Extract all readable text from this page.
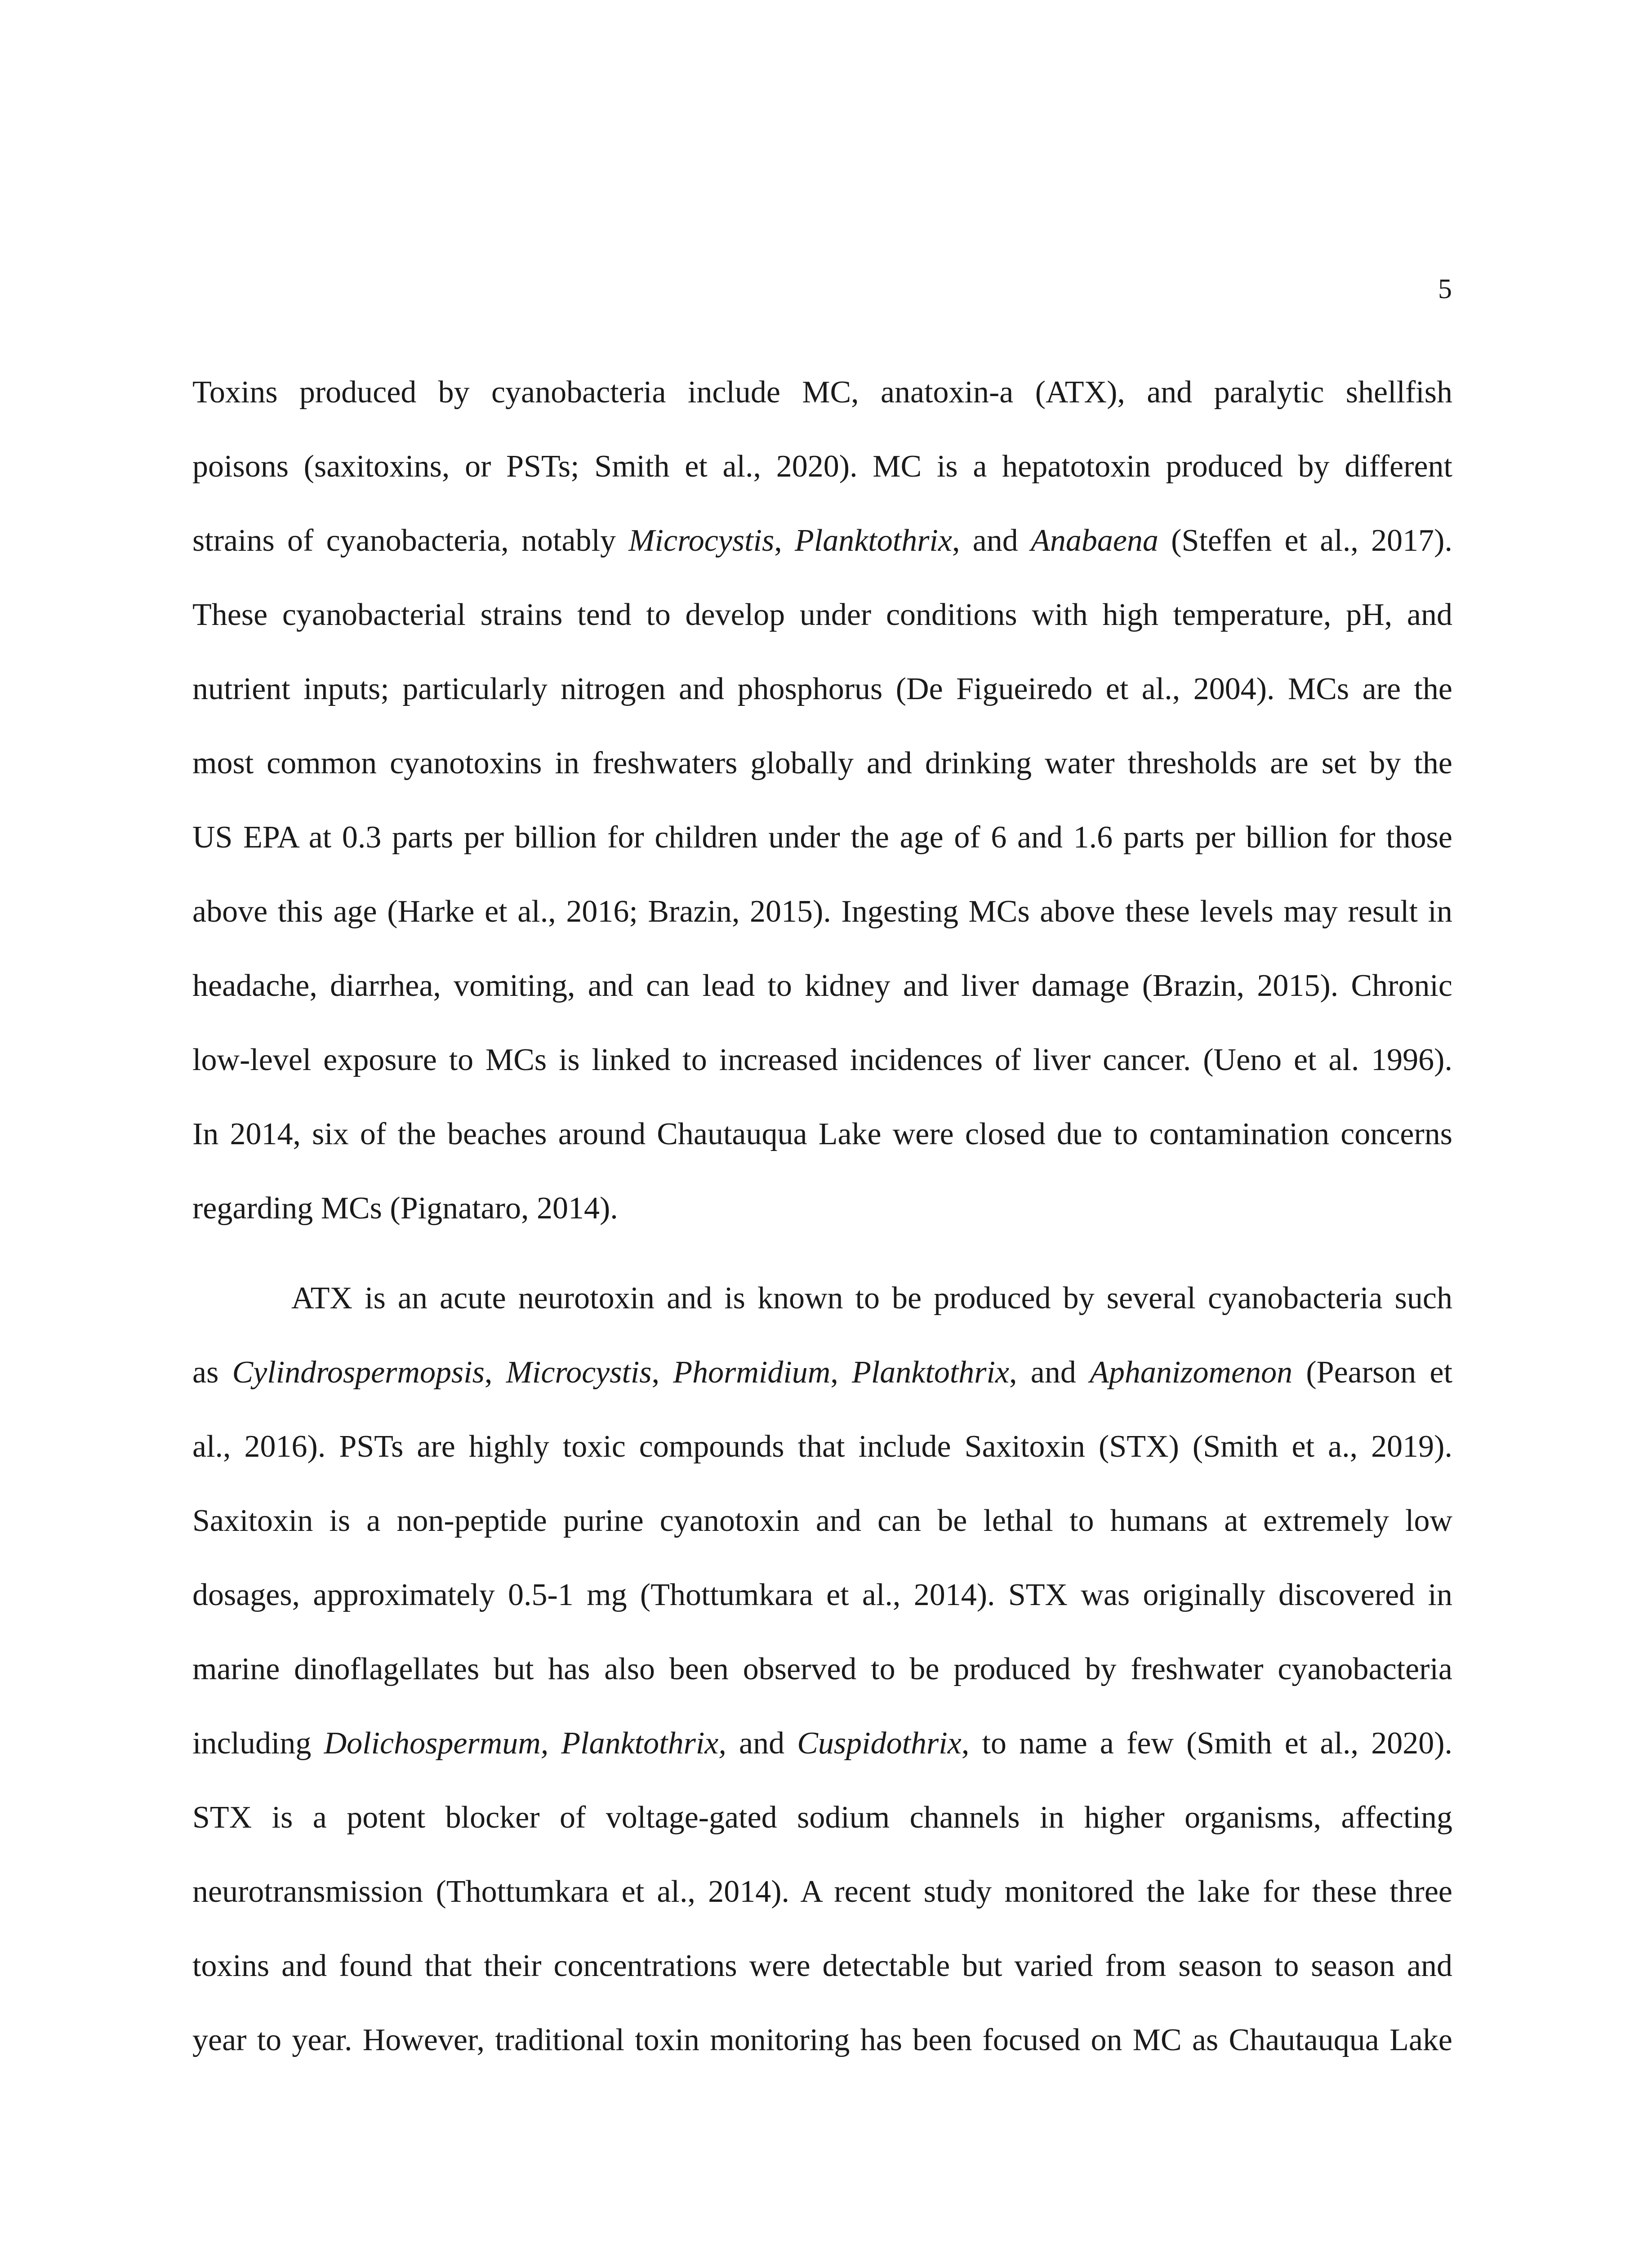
5
Toxins produced by cyanobacteria include MC, anatoxin-a (ATX), and paralytic shellfish
poisons (saxitoxins, or PSTs; Smith et al., 2020). MC is a hepatotoxin produced by different
strains of cyanobacteria, notably Microcystis, Planktothrix, and Anabaena (Steffen et al., 2017).
These cyanobacterial strains tend to develop under conditions with high temperature, pH, and
nutrient inputs; particularly nitrogen and phosphorus (De Figueiredo et al., 2004). MCs are the
most common cyanotoxins in freshwaters globally and drinking water thresholds are set by the
US EPA at 0.3 parts per billion for children under the age of 6 and 1.6 parts per billion for those
above this age (Harke et al., 2016; Brazin, 2015). Ingesting MCs above these levels may result in
headache, diarrhea, vomiting, and can lead to kidney and liver damage (Brazin, 2015). Chronic
low-level exposure to MCs is linked to increased incidences of liver cancer. (Ueno et al. 1996).
In 2014, six of the beaches around Chautauqua Lake were closed due to contamination concerns
regarding MCs (Pignataro, 2014).
ATX is an acute neurotoxin and is known to be produced by several cyanobacteria such
as Cylindrospermopsis, Microcystis, Phormidium, Planktothrix, and Aphanizomenon (Pearson et
al., 2016). PSTs are highly toxic compounds that include Saxitoxin (STX) (Smith et a., 2019).
Saxitoxin is a non-peptide purine cyanotoxin and can be lethal to humans at extremely low
dosages, approximately 0.5-1 mg (Thottumkara et al., 2014). STX was originally discovered in
marine dinoflagellates but has also been observed to be produced by freshwater cyanobacteria
including Dolichospermum, Planktothrix, and Cuspidothrix, to name a few (Smith et al., 2020).
STX is a potent blocker of voltage-gated sodium channels in higher organisms, affecting
neurotransmission (Thottumkara et al., 2014). A recent study monitored the lake for these three
toxins and found that their concentrations were detectable but varied from season to season and
year to year. However, traditional toxin monitoring has been focused on MC as Chautauqua Lake
